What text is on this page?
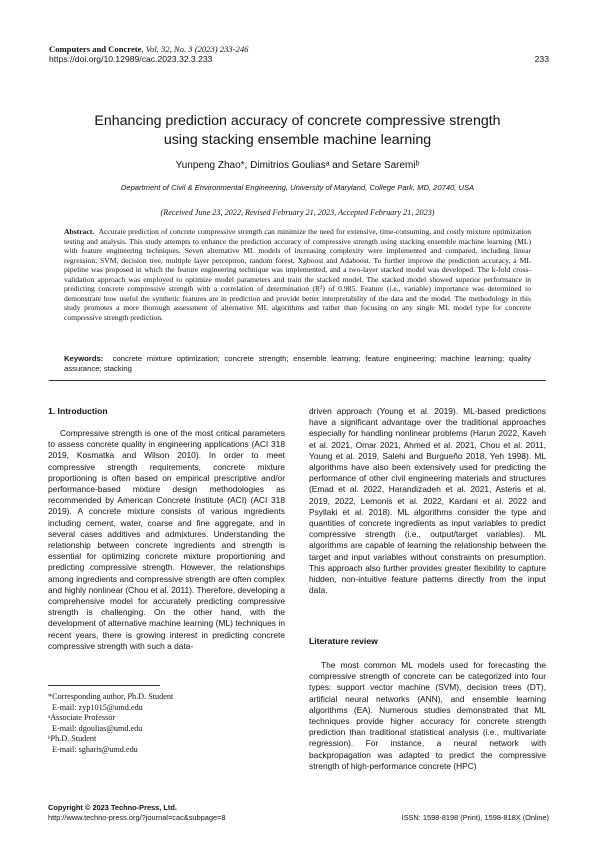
Computers and Concrete, Vol. 32, No. 3 (2023) 233-246
https://doi.org/10.12989/cac.2023.32.3.233	233
Enhancing prediction accuracy of concrete compressive strength
using stacking ensemble machine learning
Yunpeng Zhao*, Dimitrios Gouliasᵃ and Setare Saremiᵇ
Department of Civil & Environmental Engineering, University of Maryland, College Park, MD, 20740, USA
(Received June 23, 2022, Revised February 21, 2023, Accepted February 21, 2023)
Abstract. Accurate prediction of concrete compressive strength can minimize the need for extensive, time-consuming, and costly mixture optimization testing and analysis. This study attempts to enhance the prediction accuracy of compressive strength using stacking ensemble machine learning (ML) with feature engineering techniques. Seven alternative ML models of increasing complexity were implemented and compared, including linear regression, SVM, decision tree, multiple layer perceptron, random forest, Xgboost and Adaboost. To further improve the prediction accuracy, a ML pipeline was proposed in which the feature engineering technique was implemented, and a two-layer stacked model was developed. The k-fold cross-validation approach was employed to optimize model parameters and train the stacked model. The stacked model showed superior performance in predicting concrete compressive strength with a correlation of determination (R²) of 0.985. Feature (i.e., variable) importance was determined to demonstrate how useful the synthetic features are in prediction and provide better interpretability of the data and the model. The methodology in this study promotes a more thorough assessment of alternative ML algorithms and rather than focusing on any single ML model type for concrete compressive strength prediction.
Keywords: concrete mixture optimization; concrete strength; ensemble learning; feature engineering; machine learning; quality assurance; stacking
1. Introduction

Compressive strength is one of the most critical parameters to assess concrete quality in engineering applications (ACI 318 2019, Kosmatka and Wilson 2010). In order to meet compressive strength requirements, concrete mixture proportioning is often based on empirical prescriptive and/or performance-based mixture design methodologies as recommended by American Concrete Institute (ACI) (ACI 318 2019). A concrete mixture consists of various ingredients including cement, water, coarse and fine aggregate, and in several cases additives and admixtures. Understanding the relationship between concrete ingredients and strength is essential for optimizing concrete mixture proportioning and predicting compressive strength. However, the relationships among ingredients and compressive strength are often complex and highly nonlinear (Chou et al. 2011). Therefore, developing a comprehensive model for accurately predicting compressive strength is challenging. On the other hand, with the development of alternative machine learning (ML) techniques in recent years, there is growing interest in predicting concrete compressive strength with such a data-

driven approach (Young et al. 2019). ML-based predictions have a significant advantage over the traditional approaches especially for handling nonlinear problems (Harun 2022, Kaveh et al. 2021, Omar 2021, Ahmed et al. 2021, Chou et al. 2011, Young et al. 2019, Salehi and Burgueño 2018, Yeh 1998). ML algorithms have also been extensively used for predicting the performance of other civil engineering materials and structures (Emad et al. 2022, Harandizadeh et al. 2021, Asteris et al. 2019, 2022, Lemonis et al. 2022, Kardani et al. 2022 and Psyllaki et al. 2018). ML algorithms consider the type and quantities of concrete ingredients as input variables to predict compressive strength (i.e., output/target variables). ML algorithms are capable of learning the relationship between the target and input variables without constraints on presumption. This approach also further provides greater flexibility to capture hidden, non-intuitive feature patterns directly from the input data.

Literature review

The most common ML models used for forecasting the compressive strength of concrete can be categorized into four types: support vector machine (SVM), decision trees (DT), artificial neural networks (ANN), and ensemble learning algorithms (EA). Numerous studies demonstrated that ML techniques provide higher accuracy for concrete strength prediction than traditional statistical analysis (i.e., multivariate regression). For instance, a neural network with backpropagation was adapted to predict the compressive strength of high-performance concrete (HPC)

*Corresponding author, Ph.D. Student
E-mail: zyp1015@umd.edu
ᵃAssociate Professor
E-mail: dgoulias@umd.edu
ᵇPh.D. Student
E-mail: sgharis@umd.edu
Copyright © 2023 Techno-Press, Ltd.
http://www.techno-press.org/?journal=cac&subpage=8	ISSN: 1598-8198 (Print), 1598-818X (Online)
